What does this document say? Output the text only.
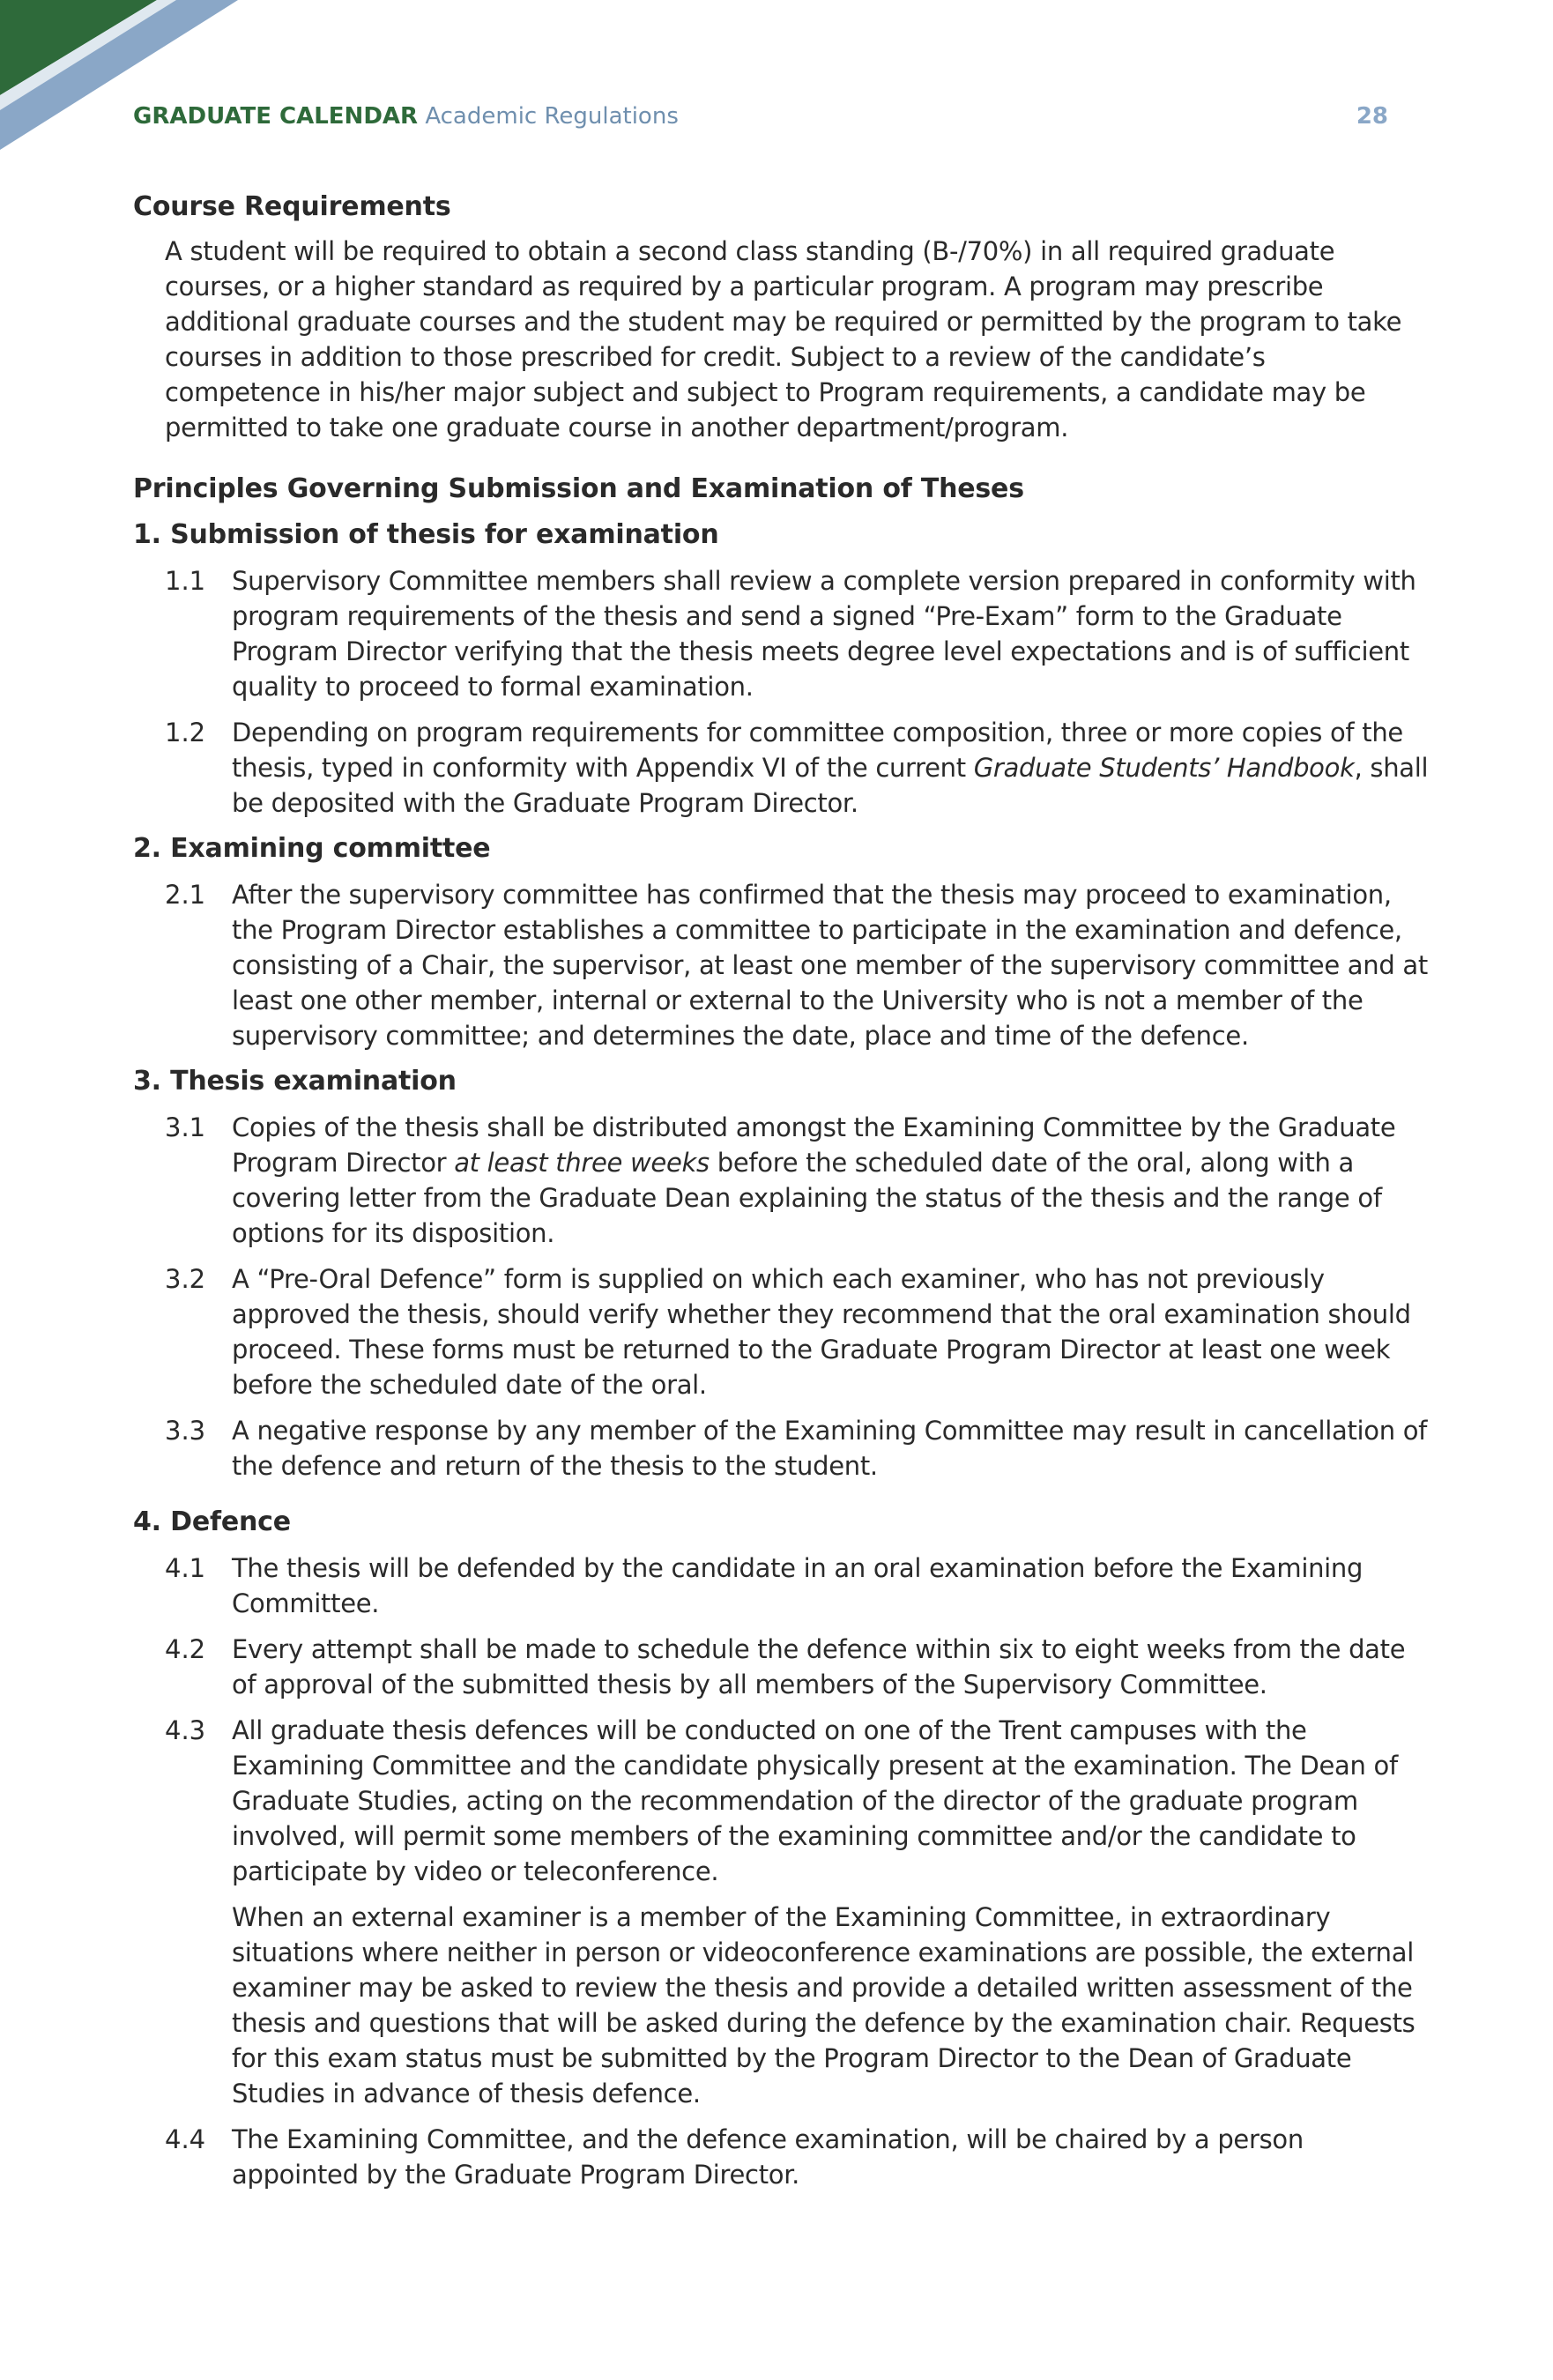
GRADUATE CALENDAR Academic Regulations	28
Course Requirements

A student will be required to obtain a second class standing (B-/70%) in all required graduate courses, or a higher standard as required by a particular program. A program may prescribe additional graduate courses and the student may be required or permitted by the program to take courses in addition to those prescribed for credit. Subject to a review of the candidate’s competence in his/her major subject and subject to Program requirements, a candidate may be permitted to take one graduate course in another department/program.

Principles Governing Submission and Examination of Theses
1. Submission of thesis for examination
1.1	Supervisory Committee members shall review a complete version prepared in conformity with program requirements of the thesis and send a signed “Pre-Exam” form to the Graduate Program Director verifying that the thesis meets degree level expectations and is of sufficient quality to proceed to formal examination.
1.2	Depending on program requirements for committee composition, three or more copies of the thesis, typed in conformity with Appendix VI of the current Graduate Students’ Handbook, shall be deposited with the Graduate Program Director.
2. Examining committee
2.1	After the supervisory committee has confirmed that the thesis may proceed to examination, the Program Director establishes a committee to participate in the examination and defence, consisting of a Chair, the supervisor, at least one member of the supervisory committee and at least one other member, internal or external to the University who is not a member of the supervisory committee; and determines the date, place and time of the defence.
3. Thesis examination
3.1	Copies of the thesis shall be distributed amongst the Examining Committee by the Graduate Program Director at least three weeks before the scheduled date of the oral, along with a covering letter from the Graduate Dean explaining the status of the thesis and the range of options for its disposition.
3.2	A “Pre-Oral Defence” form is supplied on which each examiner, who has not previously approved the thesis, should verify whether they recommend that the oral examination should proceed. These forms must be returned to the Graduate Program Director at least one week before the scheduled date of the oral.
3.3	A negative response by any member of the Examining Committee may result in cancellation of the defence and return of the thesis to the student.
4. Defence
4.1	The thesis will be defended by the candidate in an oral examination before the Examining Committee.
4.2	Every attempt shall be made to schedule the defence within six to eight weeks from the date of approval of the submitted thesis by all members of the Supervisory Committee.
4.3	All graduate thesis defences will be conducted on one of the Trent campuses with the Examining Committee and the candidate physically present at the examination. The Dean of Graduate Studies, acting on the recommendation of the director of the graduate program involved, will permit some members of the examining committee and/or the candidate to participate by video or teleconference.

When an external examiner is a member of the Examining Committee, in extraordinary situations where neither in person or videoconference examinations are possible, the external examiner may be asked to review the thesis and provide a detailed written assessment of the thesis and questions that will be asked during the defence by the examination chair. Requests for this exam status must be submitted by the Program Director to the Dean of Graduate Studies in advance of thesis defence.

4.4	The Examining Committee, and the defence examination, will be chaired by a person appointed by the Graduate Program Director.
